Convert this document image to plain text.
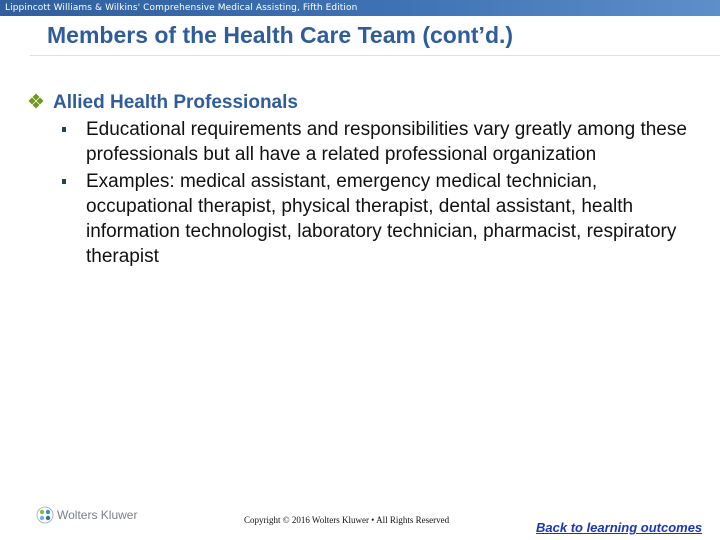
Lippincott Williams & Wilkins' Comprehensive Medical Assisting, Fifth Edition
Members of the Health Care Team (cont’d.)
Allied Health Professionals
Educational requirements and responsibilities vary greatly among these professionals but all have a related professional organization
Examples: medical assistant, emergency medical technician, occupational therapist, physical therapist, dental assistant, health information technologist, laboratory technician, pharmacist, respiratory therapist
Wolters Kluwer	Copyright © 2016 Wolters Kluwer • All Rights Reserved	Back to learning outcomes
